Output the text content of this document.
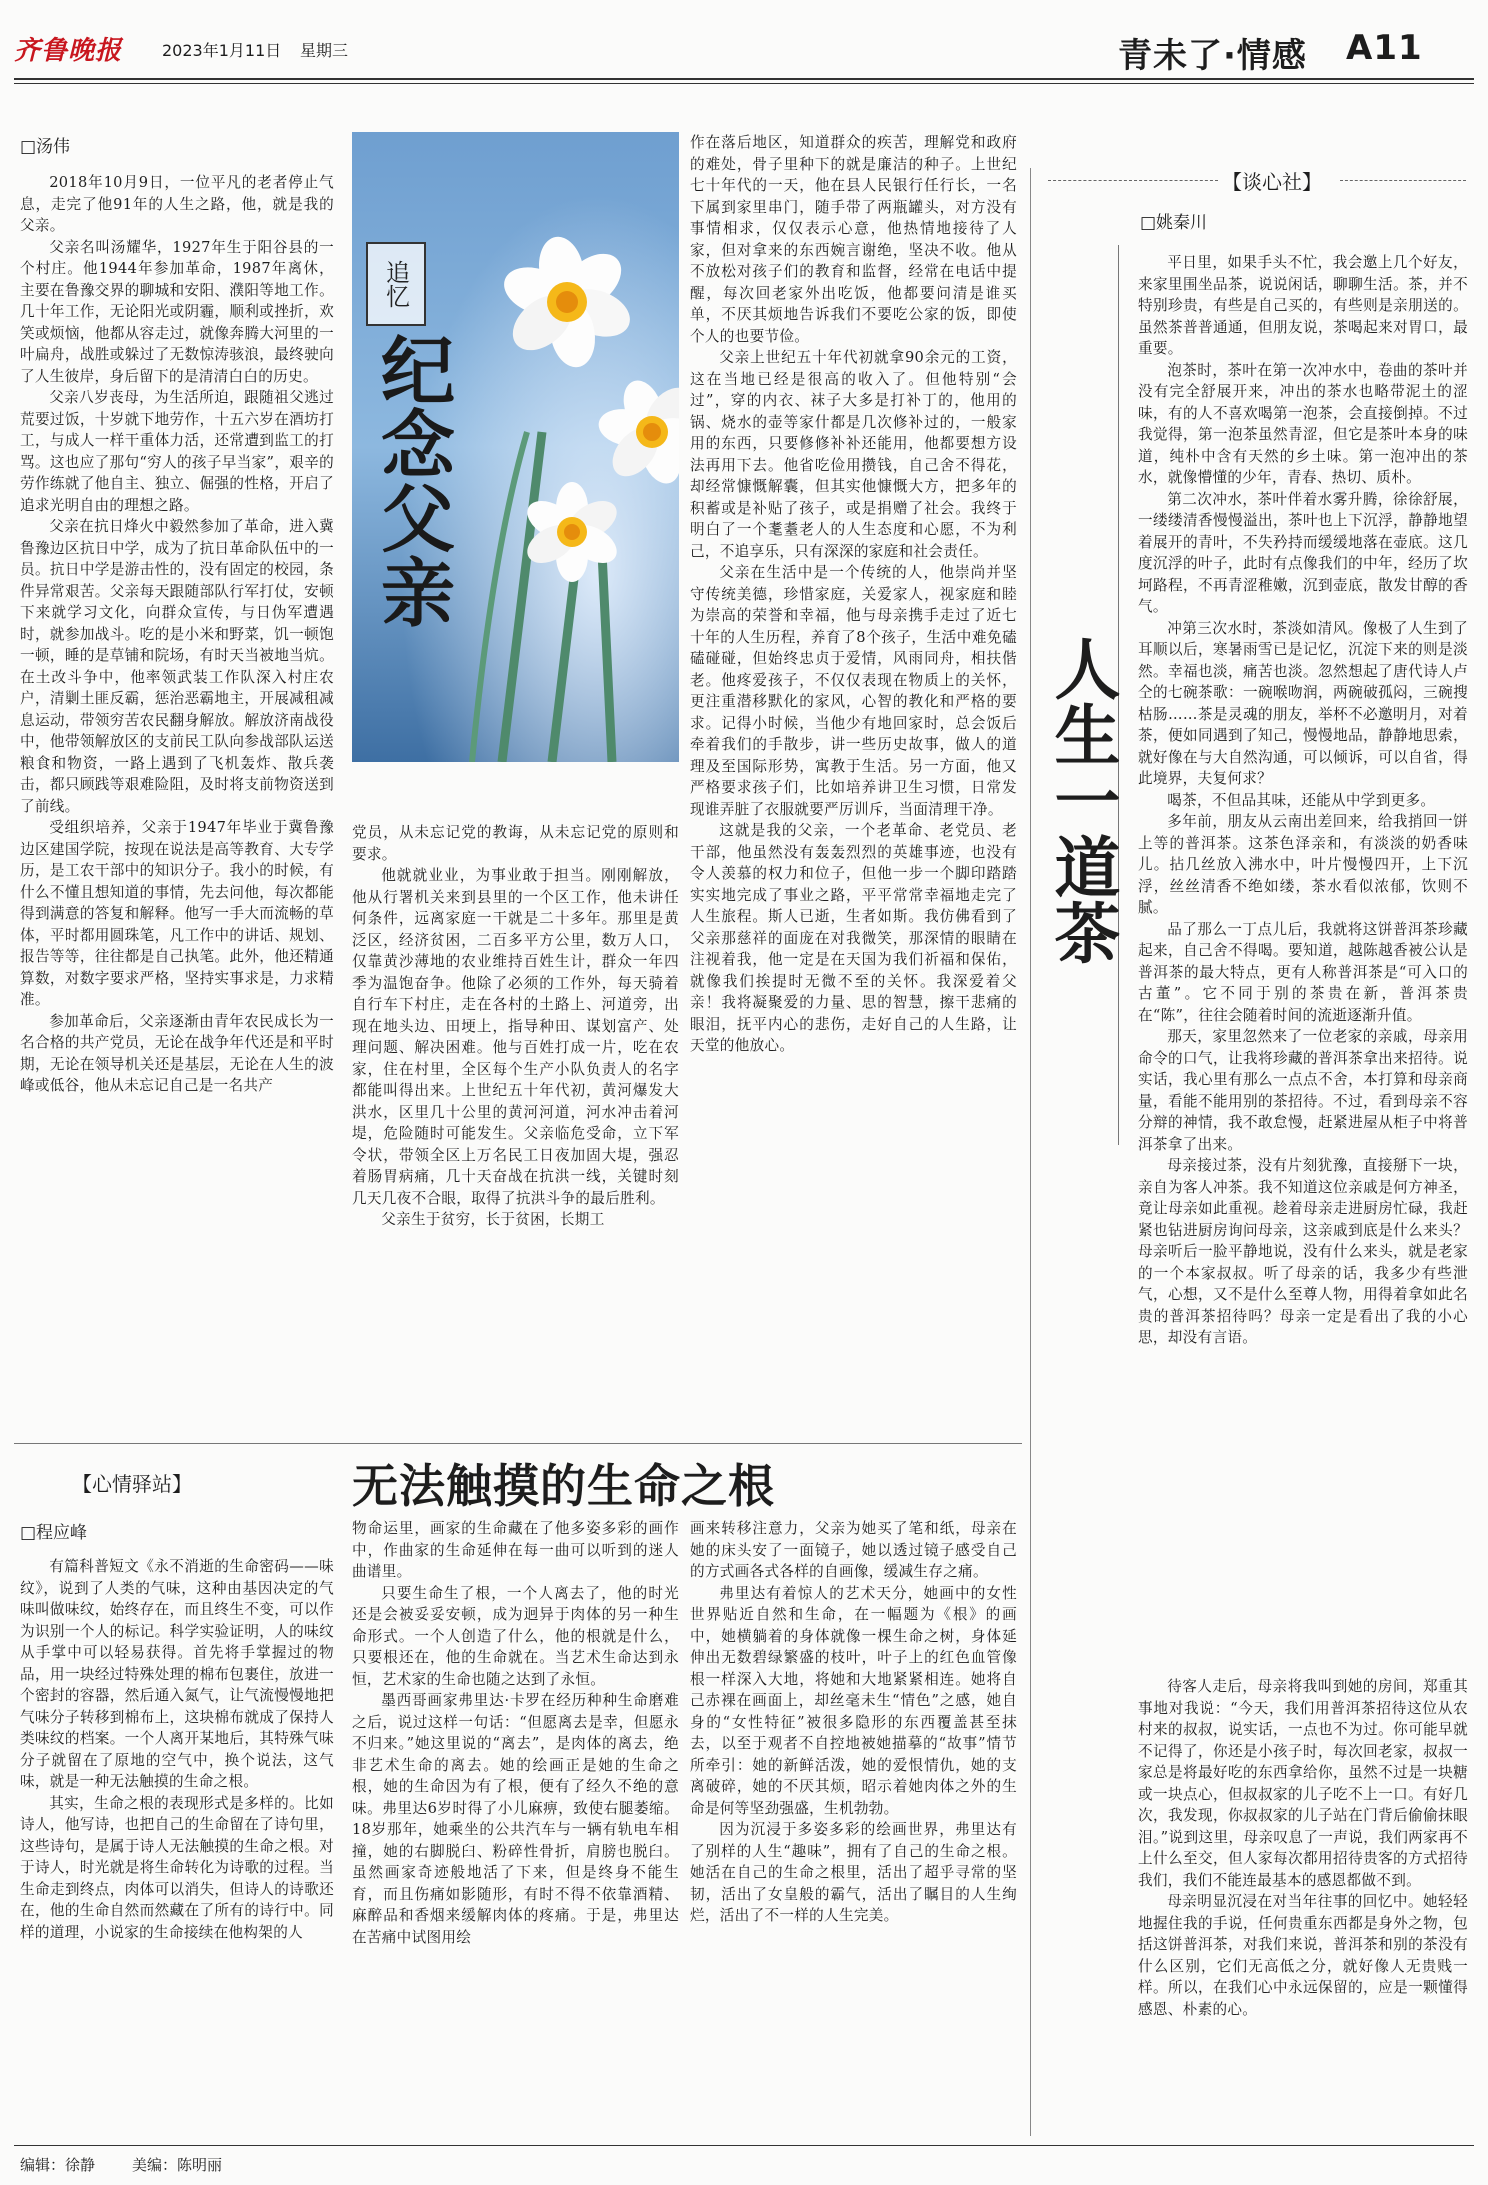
齐鲁晚报 2023年1月11日 星期三	青未了·情感 A11
□汤伟
追忆
纪念父亲

2018年10月9日，一位平凡的老者停止气息，走完了他91年的人生之路，他，就是我的父亲。

父亲名叫汤耀华，1927年生于阳谷县的一个村庄。他1944年参加革命，1987年离休，主要在鲁豫交界的聊城和安阳、濮阳等地工作。几十年工作，无论阳光或阴霾，顺利或挫折，欢笑或烦恼，他都从容走过，就像奔腾大河里的一叶扁舟，战胜或躲过了无数惊涛骇浪，最终驶向了人生彼岸，身后留下的是清清白白的历史。

父亲八岁丧母，为生活所迫，跟随祖父逃过荒要过饭，十岁就下地劳作，十五六岁在酒坊打工，与成人一样干重体力活，还常遭到监工的打骂。这也应了那句“穷人的孩子早当家”，艰辛的劳作练就了他自主、独立、倔强的性格，开启了追求光明自由的理想之路。

父亲在抗日烽火中毅然参加了革命，进入冀鲁豫边区抗日中学，成为了抗日革命队伍中的一员。抗日中学是游击性的，没有固定的校园，条件异常艰苦。父亲每天跟随部队行军打仗，安顿下来就学习文化，向群众宣传，与日伪军遭遇时，就参加战斗。吃的是小米和野菜，饥一顿饱一顿，睡的是草铺和院场，有时天当被地当炕。在土改斗争中，他率领武装工作队深入村庄农户，清剿土匪反霸，惩治恶霸地主，开展减租减息运动，带领穷苦农民翻身解放。解放济南战役中，他带领解放区的支前民工队向参战部队运送粮食和物资，一路上遇到了飞机轰炸、散兵袭击，都只顾践等艰难险阻，及时将支前物资送到了前线。

受组织培养，父亲于1947年毕业于冀鲁豫边区建国学院，按现在说法是高等教育、大专学历，是工农干部中的知识分子。我小的时候，有什么不懂且想知道的事情，先去问他，每次都能得到满意的答复和解释。他写一手大而流畅的草体，平时都用圆珠笔，凡工作中的讲话、规划、报告等等，往往都是自己执笔。此外，他还精通算数，对数字要求严格，坚持实事求是，力求精准。

参加革命后，父亲逐渐由青年农民成长为一名合格的共产党员，无论在战争年代还是和平时期，无论在领导机关还是基层，无论在人生的波峰或低谷，他从未忘记自己是一名共产

党员，从未忘记党的教诲，从未忘记党的原则和要求。

他就就业业，为事业敢于担当。刚刚解放，他从行署机关来到县里的一个区工作，他未讲任何条件，远离家庭一干就是二十多年。那里是黄泛区，经济贫困，二百多平方公里，数万人口，仅靠黄沙薄地的农业维持百姓生计，群众一年四季为温饱奋争。他除了必须的工作外，每天骑着自行车下村庄，走在各村的土路上、河道旁，出现在地头边、田埂上，指导种田、谋划富产、处理问题、解决困难。他与百姓打成一片，吃在农家，住在村里，全区每个生产小队负责人的名字都能叫得出来。上世纪五十年代初，黄河爆发大洪水，区里几十公里的黄河河道，河水冲击着河堤，危险随时可能发生。父亲临危受命，立下军令状，带领全区上万名民工日夜加固大堤，强忍着肠胃病痛，几十天奋战在抗洪一线，关键时刻几天几夜不合眼，取得了抗洪斗争的最后胜利。

父亲生于贫穷，长于贫困，长期工

作在落后地区，知道群众的疾苦，理解党和政府的难处，骨子里种下的就是廉洁的种子。上世纪七十年代的一天，他在县人民银行任行长，一名下属到家里串门，随手带了两瓶罐头，对方没有事情相求，仅仅表示心意，他热情地接待了人家，但对拿来的东西婉言谢绝，坚决不收。他从不放松对孩子们的教育和监督，经常在电话中提醒，每次回老家外出吃饭，他都要问清是谁买单，不厌其烦地告诉我们不要吃公家的饭，即使个人的也要节俭。

父亲上世纪五十年代初就拿90余元的工资，这在当地已经是很高的收入了。但他特别“会过”，穿的内衣、袜子大多是打补丁的，他用的锅、烧水的壶等家什都是几次修补过的，一般家用的东西，只要修修补补还能用，他都要想方设法再用下去。他省吃俭用攒钱，自己舍不得花，却经常慷慨解囊，但其实他慷慨大方，把多年的积蓄或是补贴了孩子，或是捐赠了社会。我终于明白了一个耄耋老人的人生态度和心愿，不为利己，不追享乐，只有深深的家庭和社会责任。

父亲在生活中是一个传统的人，他崇尚并坚守传统美德，珍惜家庭，关爱家人，视家庭和睦为崇高的荣誉和幸福，他与母亲携手走过了近七十年的人生历程，养育了8个孩子，生活中难免磕磕碰碰，但始终忠贞于爱情，风雨同舟，相扶偕老。他疼爱孩子，不仅仅表现在物质上的关怀，更注重潜移默化的家风，心智的教化和严格的要求。记得小时候，当他少有地回家时，总会饭后牵着我们的手散步，讲一些历史故事，做人的道理及至国际形势，寓教于生活。另一方面，他又严格要求孩子们，比如培养讲卫生习惯，日常发现谁弄脏了衣服就要严厉训斥，当面清理干净。

这就是我的父亲，一个老革命、老党员、老干部，他虽然没有轰轰烈烈的英雄事迹，也没有令人羡慕的权力和位子，但他一步一个脚印踏踏实实地完成了事业之路，平平常常幸福地走完了人生旅程。斯人已逝，生者如斯。我仿佛看到了父亲那慈祥的面庞在对我微笑，那深情的眼睛在注视着我，他一定是在天国为我们祈福和保佑，就像我们挨提时无微不至的关怀。我深爱着父亲！我将凝聚爱的力量、思的智慧，擦干悲痛的眼泪，抚平内心的悲伤，走好自己的人生路，让天堂的他放心。

【心情驿站】	无法触摸的生命之根
□程应峰

有篇科普短文《永不消逝的生命密码——味纹》，说到了人类的气味，这种由基因决定的气味叫做味纹，始终存在，而且终生不变，可以作为识别一个人的标记。科学实验证明，人的味纹从手掌中可以轻易获得。首先将手掌握过的物品，用一块经过特殊处理的棉布包裹住，放进一个密封的容器，然后通入氮气，让气流慢慢地把气味分子转移到棉布上，这块棉布就成了保持人类味纹的档案。一个人离开某地后，其特殊气味分子就留在了原地的空气中，换个说法，这气味，就是一种无法触摸的生命之根。

其实，生命之根的表现形式是多样的。比如诗人，他写诗，也把自己的生命留在了诗句里，这些诗句，是属于诗人无法触摸的生命之根。对于诗人，时光就是将生命转化为诗歌的过程。当生命走到终点，肉体可以消失，但诗人的诗歌还在，他的生命自然而然藏在了所有的诗行中。同样的道理，小说家的生命接续在他构架的人

物命运里，画家的生命藏在了他多姿多彩的画作中，作曲家的生命延伸在每一曲可以听到的迷人曲谱里。

只要生命生了根，一个人离去了，他的时光还是会被妥妥安顿，成为迥异于肉体的另一种生命形式。一个人创造了什么，他的根就是什么，只要根还在，他的生命就在。当艺术生命达到永恒，艺术家的生命也随之达到了永恒。

墨西哥画家弗里达·卡罗在经历种种生命磨难之后，说过这样一句话：“但愿离去是幸，但愿永不归来。”她这里说的“离去”，是肉体的离去，绝非艺术生命的离去。她的绘画正是她的生命之根，她的生命因为有了根，便有了经久不绝的意味。弗里达6岁时得了小儿麻痹，致使右腿萎缩。18岁那年，她乘坐的公共汽车与一辆有轨电车相撞，她的右脚脱臼、粉碎性骨折，肩膀也脱臼。虽然画家奇迹般地活了下来，但是终身不能生育，而且伤痛如影随形，有时不得不依靠酒精、麻醉品和香烟来缓解肉体的疼痛。于是，弗里达在苦痛中试图用绘

画来转移注意力，父亲为她买了笔和纸，母亲在她的床头安了一面镜子，她以透过镜子感受自己的方式画各式各样的自画像，缓减生存之痛。

弗里达有着惊人的艺术天分，她画中的女性世界贴近自然和生命，在一幅题为《根》的画中，她横躺着的身体就像一棵生命之树，身体延伸出无数碧绿繁盛的枝叶，叶子上的红色血管像根一样深入大地，将她和大地紧紧相连。她将自己赤裸在画面上，却丝毫未生“情色”之感，她自身的“女性特征”被很多隐形的东西覆盖甚至抹去，以至于观者不自控地被她描摹的“故事”情节所牵引：她的新鲜活泼，她的爱恨情仇，她的支离破碎，她的不厌其烦，昭示着她肉体之外的生命是何等坚劲强盛，生机勃勃。

因为沉浸于多姿多彩的绘画世界，弗里达有了别样的人生“趣味”，拥有了自己的生命之根。她活在自己的生命之根里，活出了超乎寻常的坚韧，活出了女皇般的霸气，活出了瞩目的人生绚烂，活出了不一样的人生完美。

【谈心社】
□姚秦川
人生一道茶

平日里，如果手头不忙，我会邀上几个好友，来家里围坐品茶，说说闲话，聊聊生活。茶，并不特别珍贵，有些是自己买的，有些则是亲朋送的。虽然茶普普通通，但朋友说，茶喝起来对胃口，最重要。

泡茶时，茶叶在第一次冲水中，卷曲的茶叶并没有完全舒展开来，冲出的茶水也略带泥土的涩味，有的人不喜欢喝第一泡茶，会直接倒掉。不过我觉得，第一泡茶虽然青涩，但它是茶叶本身的味道，纯朴中含有天然的乡土味。第一泡冲出的茶水，就像懵懂的少年，青春、热切、质朴。

第二次冲水，茶叶伴着水雾升腾，徐徐舒展，一缕缕清香慢慢溢出，茶叶也上下沉浮，静静地望着展开的青叶，不失矜持而缓缓地落在壶底。这几度沉浮的叶子，此时有点像我们的中年，经历了坎坷路程，不再青涩稚嫩，沉到壶底，散发甘醇的香气。

冲第三次水时，茶淡如清风。像极了人生到了耳顺以后，寒暑雨雪已是记忆，沉淀下来的则是淡然。幸福也淡，痛苦也淡。忽然想起了唐代诗人卢仝的七碗茶歌：一碗喉吻润，两碗破孤闷，三碗搜枯肠……茶是灵魂的朋友，举杯不必邀明月，对着茶，便如同遇到了知己，慢慢地品，静静地思索，就好像在与大自然沟通，可以倾诉，可以自省，得此境界，夫复何求？

喝茶，不但品其味，还能从中学到更多。

多年前，朋友从云南出差回来，给我捎回一饼上等的普洱茶。这茶色泽亲和，有淡淡的奶香味儿。拈几丝放入沸水中，叶片慢慢四开，上下沉浮，丝丝清香不绝如缕，茶水看似浓郁，饮则不腻。

品了那么一丁点儿后，我就将这饼普洱茶珍藏起来，自己舍不得喝。要知道，越陈越香被公认是普洱茶的最大特点，更有人称普洱茶是“可入口的古董”。它不同于别的茶贵在新，普洱茶贵在“陈”，往往会随着时间的流逝逐渐升值。

那天，家里忽然来了一位老家的亲戚，母亲用命令的口气，让我将珍藏的普洱茶拿出来招待。说实话，我心里有那么一点点不舍，本打算和母亲商量，看能不能用别的茶招待。不过，看到母亲不容分辩的神情，我不敢怠慢，赶紧进屋从柜子中将普洱茶拿了出来。

母亲接过茶，没有片刻犹豫，直接掰下一块，亲自为客人冲茶。我不知道这位亲戚是何方神圣，竟让母亲如此重视。趁着母亲走进厨房忙碌，我赶紧也钻进厨房询问母亲，这亲戚到底是什么来头？母亲听后一脸平静地说，没有什么来头，就是老家的一个本家叔叔。听了母亲的话，我多少有些泄气，心想，又不是什么至尊人物，用得着拿如此名贵的普洱茶招待吗？母亲一定是看出了我的小心思，却没有言语。

待客人走后，母亲将我叫到她的房间，郑重其事地对我说：“今天，我们用普洱茶招待这位从农村来的叔叔，说实话，一点也不为过。你可能早就不记得了，你还是小孩子时，每次回老家，叔叔一家总是将最好吃的东西拿给你，虽然不过是一块糖或一块点心，但叔叔家的儿子吃不上一口。有好几次，我发现，你叔叔家的儿子站在门背后偷偷抹眼泪。”说到这里，母亲叹息了一声说，我们两家再不上什么至交，但人家每次都用招待贵客的方式招待我们，我们不能连最基本的感恩都做不到。

母亲明显沉浸在对当年往事的回忆中。她轻轻地握住我的手说，任何贵重东西都是身外之物，包括这饼普洱茶，对我们来说，普洱茶和别的茶没有什么区别，它们无高低之分，就好像人无贵贱一样。所以，在我们心中永远保留的，应是一颗懂得感恩、朴素的心。

编辑：徐静 美编：陈明丽
